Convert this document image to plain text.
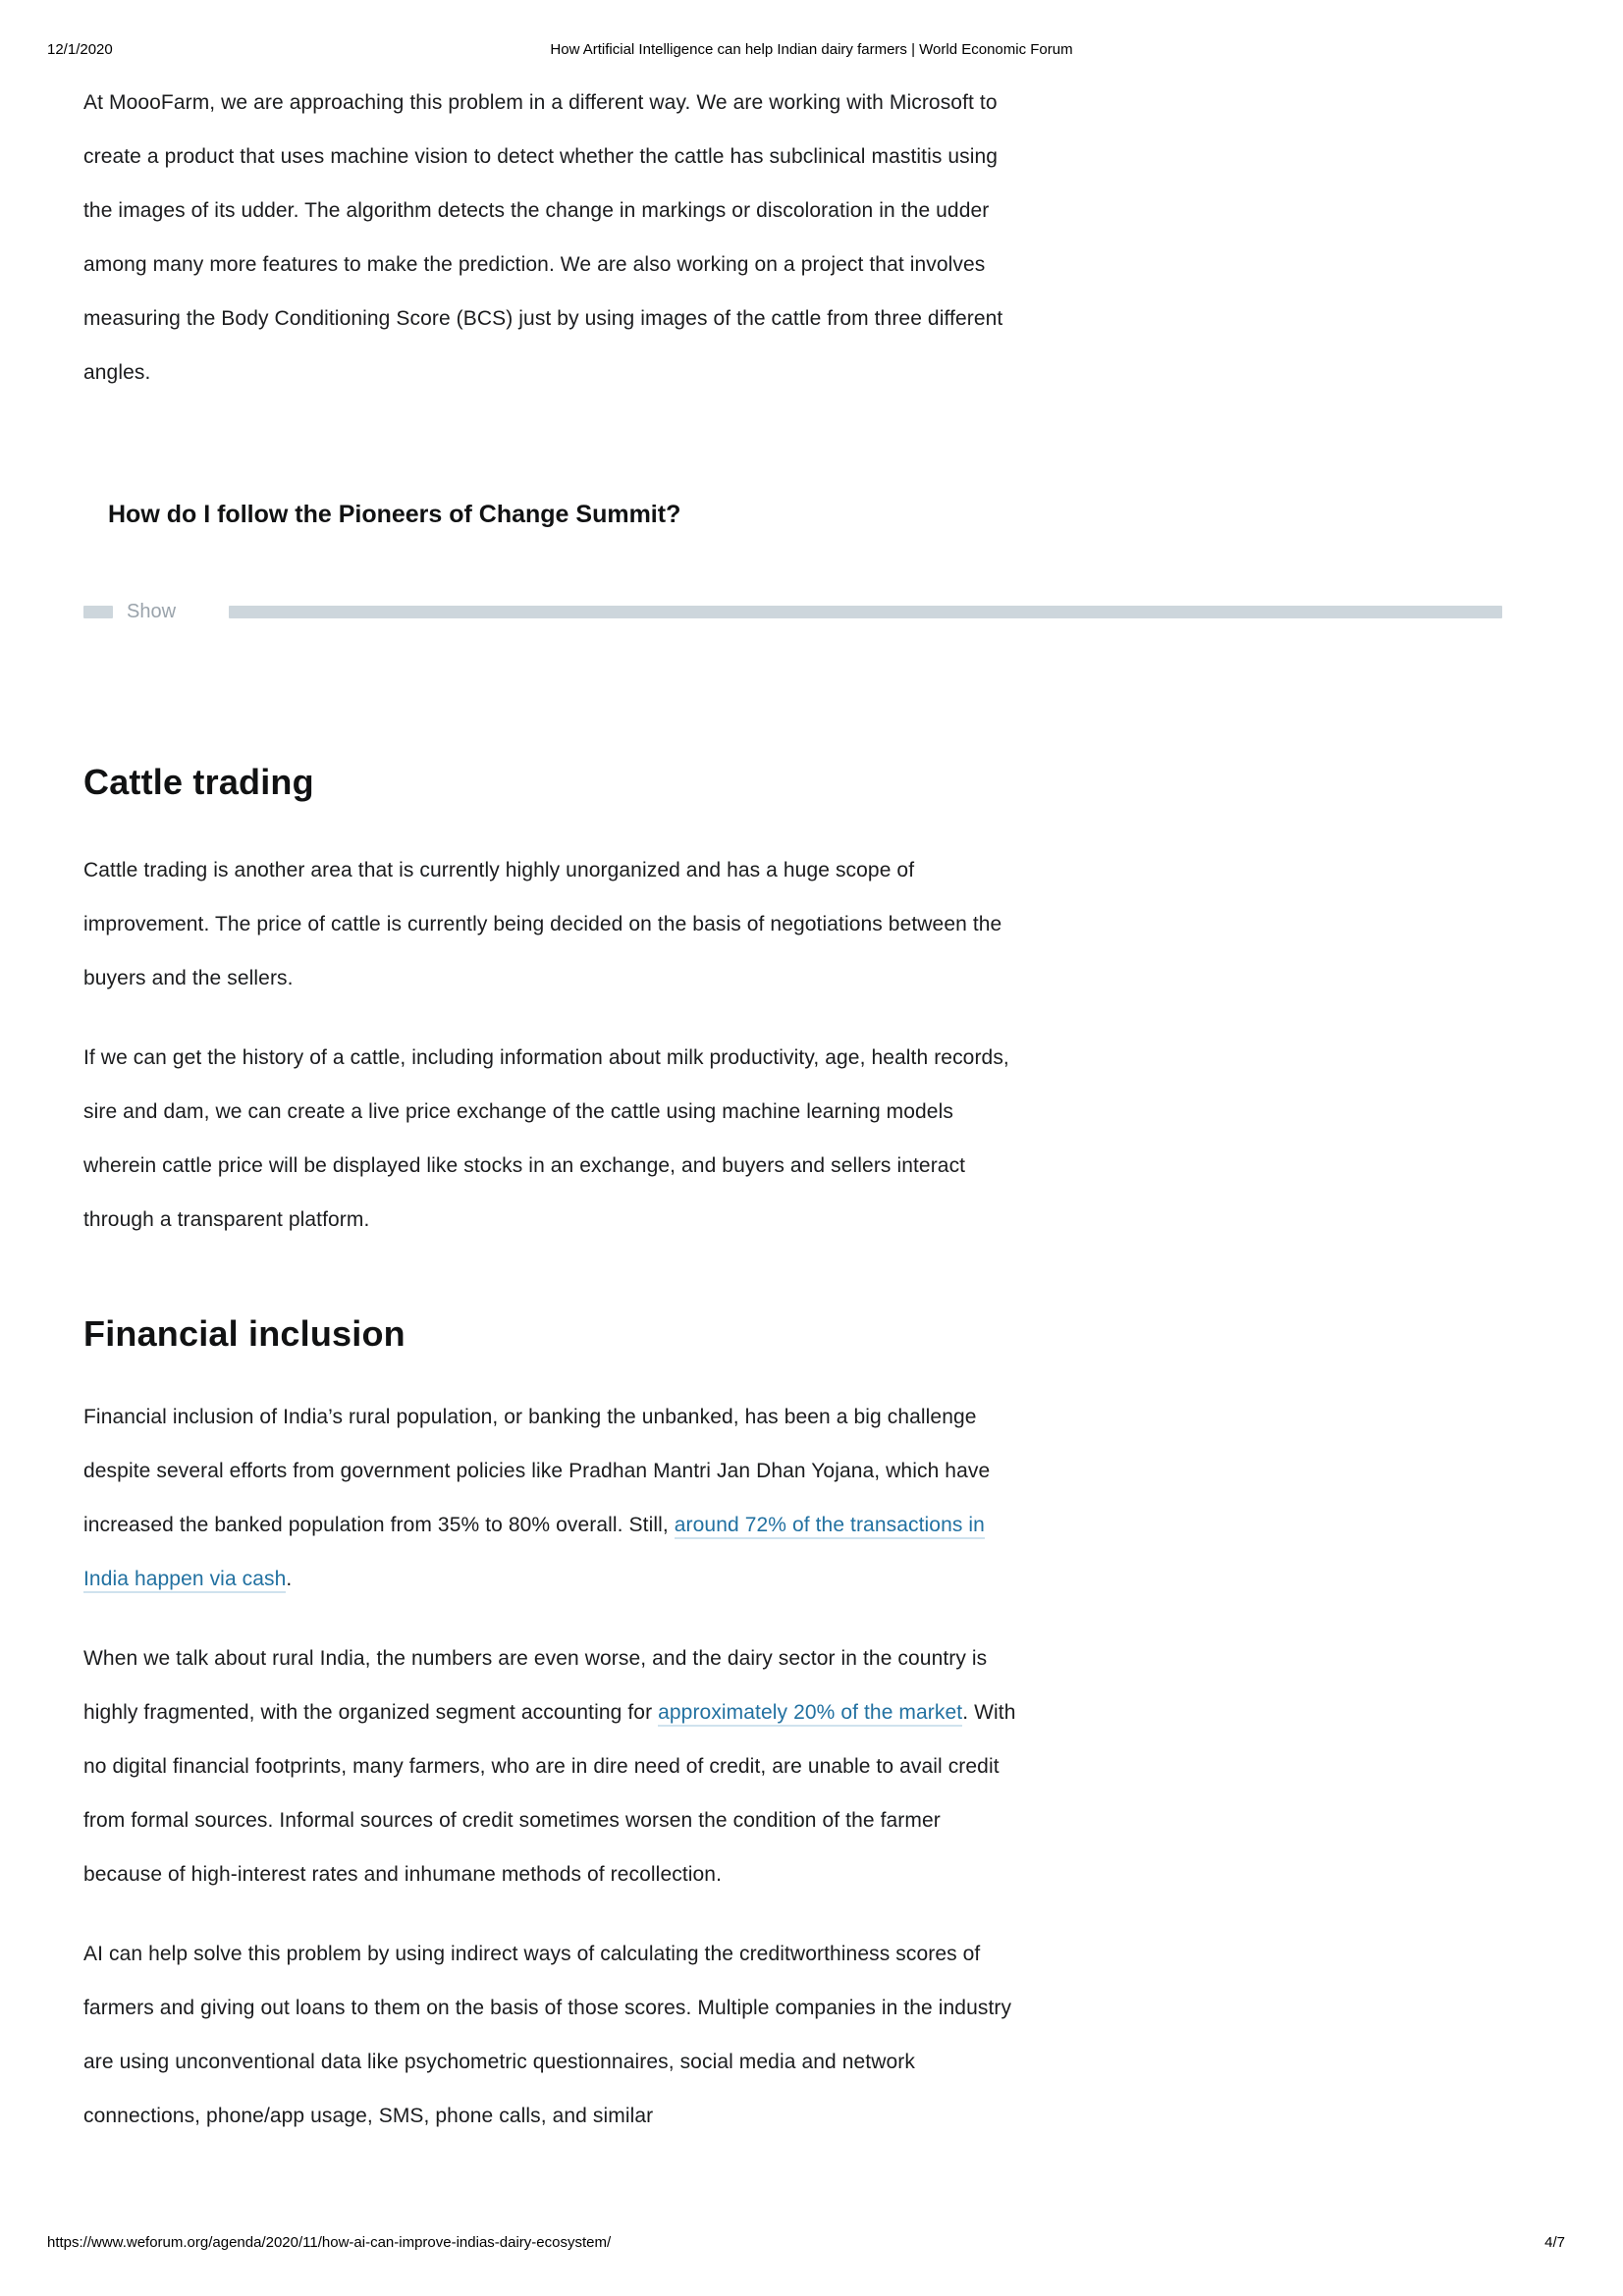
12/1/2020	How Artificial Intelligence can help Indian dairy farmers | World Economic Forum

At MoooFarm, we are approaching this problem in a different way. We are working with Microsoft to create a product that uses machine vision to detect whether the cattle has subclinical mastitis using the images of its udder. The algorithm detects the change in markings or discoloration in the udder among many more features to make the prediction. We are also working on a project that involves measuring the Body Conditioning Score (BCS) just by using images of the cattle from three different angles.

How do I follow the Pioneers of Change Summit?
Show
Cattle trading

Cattle trading is another area that is currently highly unorganized and has a huge scope of improvement. The price of cattle is currently being decided on the basis of negotiations between the buyers and the sellers.

If we can get the history of a cattle, including information about milk productivity, age, health records, sire and dam, we can create a live price exchange of the cattle using machine learning models wherein cattle price will be displayed like stocks in an exchange, and buyers and sellers interact through a transparent platform.

Financial inclusion

Financial inclusion of India’s rural population, or banking the unbanked, has been a big challenge despite several efforts from government policies like Pradhan Mantri Jan Dhan Yojana, which have increased the banked population from 35% to 80% overall. Still, around 72% of the transactions in India happen via cash.

When we talk about rural India, the numbers are even worse, and the dairy sector in the country is highly fragmented, with the organized segment accounting for approximately 20% of the market. With no digital financial footprints, many farmers, who are in dire need of credit, are unable to avail credit from formal sources. Informal sources of credit sometimes worsen the condition of the farmer because of high-interest rates and inhumane methods of recollection.

AI can help solve this problem by using indirect ways of calculating the creditworthiness scores of farmers and giving out loans to them on the basis of those scores. Multiple companies in the industry are using unconventional data like psychometric questionnaires, social media and network connections, phone/app usage, SMS, phone calls, and similar

https://www.weforum.org/agenda/2020/11/how-ai-can-improve-indias-dairy-ecosystem/	4/7
